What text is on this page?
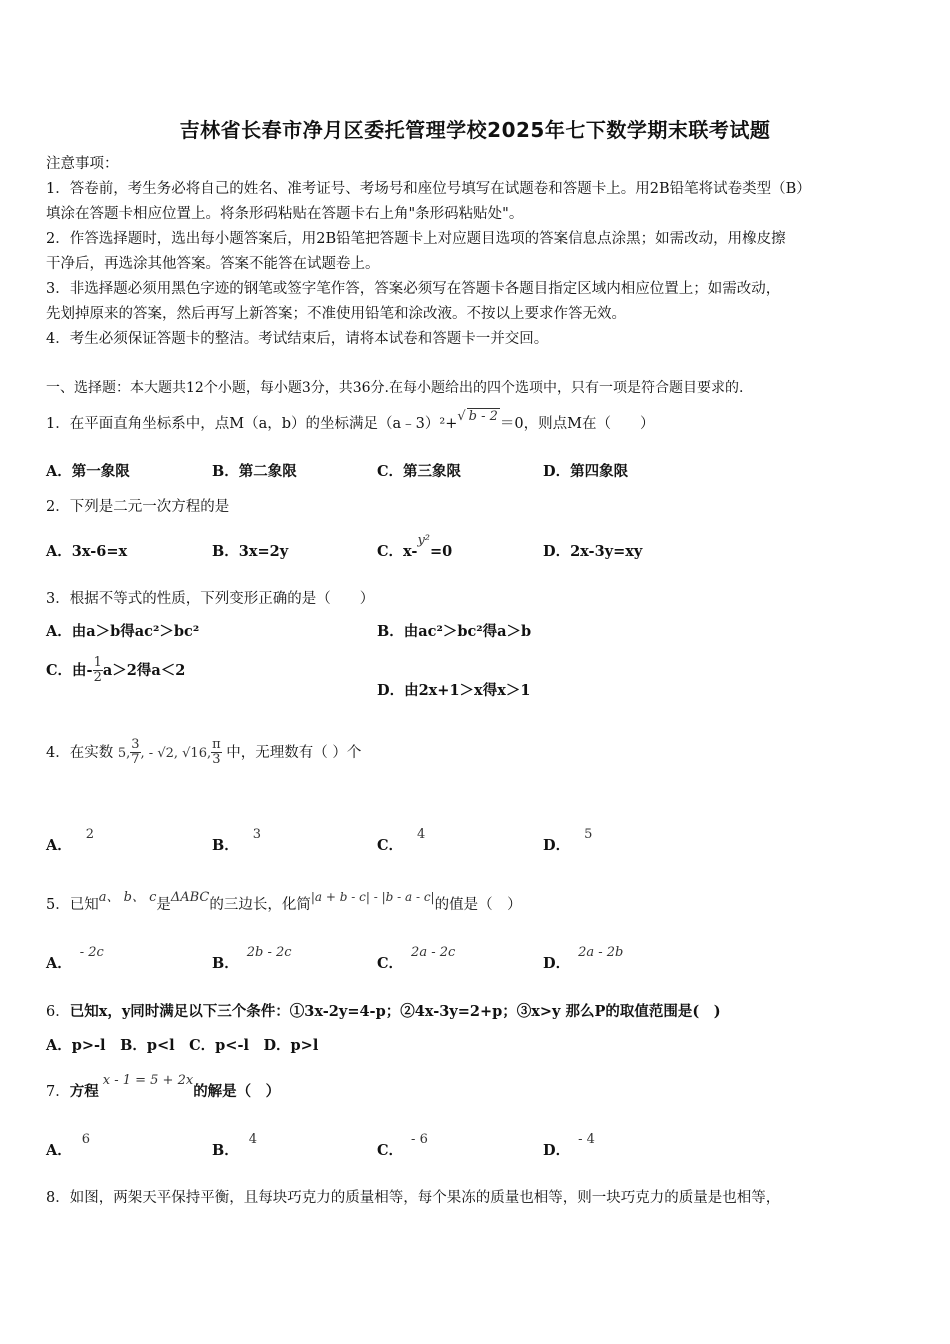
吉林省长春市净月区委托管理学校2025年七下数学期末联考试题
注意事项：
1．答卷前，考生务必将自己的姓名、准考证号、考场号和座位号填写在试题卷和答题卡上。用2B铅笔将试卷类型（B）
填涂在答题卡相应位置上。将条形码粘贴在答题卡右上角"条形码粘贴处"。
2．作答选择题时，选出每小题答案后，用2B铅笔把答题卡上对应题目选项的答案信息点涂黑；如需改动，用橡皮擦
干净后，再选涂其他答案。答案不能答在试题卷上。
3．非选择题必须用黑色字迹的钢笔或签字笔作答，答案必须写在答题卡各题目指定区域内相应位置上；如需改动，
先划掉原来的答案，然后再写上新答案；不准使用铅笔和涂改液。不按以上要求作答无效。
4．考生必须保证答题卡的整洁。考试结束后，请将本试卷和答题卡一并交回。
一、选择题：本大题共12个小题，每小题3分，共36分.在每小题给出的四个选项中，只有一项是符合题目要求的.
1．在平面直角坐标系中，点M（a，b）的坐标满足（a﹣3）²+√ b - 2 ＝0，则点M在（　　）
A．第一象限	B．第二象限	C．第三象限	D．第四象限
2．下列是二元一次方程的是
A．3x-6=x	B．3x=2y	C．x-y²=0	D．2x-3y=xy
3．根据不等式的性质，下列变形正确的是（　　）
A．由a＞b得ac²＞bc²	B．由ac²＞bc²得a＞b
C．由- $\frac{1}{2} a>2$得a＜2
D．由2x+1＞x得x＞1
4．在实数 5, $\frac{3}{7}$ , - √2, √16, $\frac{\pi}{3}$ 中，无理数有（ ）个
A．2
B．3
C．4
D．5
5．已知a、 b、 c是ΔABC的三边长，化简$^{|a + b - c| - |b - a - c|}$的值是（　）
A．- 2c
B．2b - 2c
C．2a - 2c
D．2a - 2b
6．已知x，y同时满足以下三个条件：①3x-2y=4-p；②4x-3y=2+p；③x>y 那么P的取值范围是(　)
A．p>-l　B．p<l　C．p<-l　D．p>l
7．方程x - 1 = 5 + 2x的解是（　）
A．6
B．4
C．- 6
D．- 4
8．如图，两架天平保持平衡，且每块巧克力的质量相等，每个果冻的质量也相等，则一块巧克力的质量是也相等，
